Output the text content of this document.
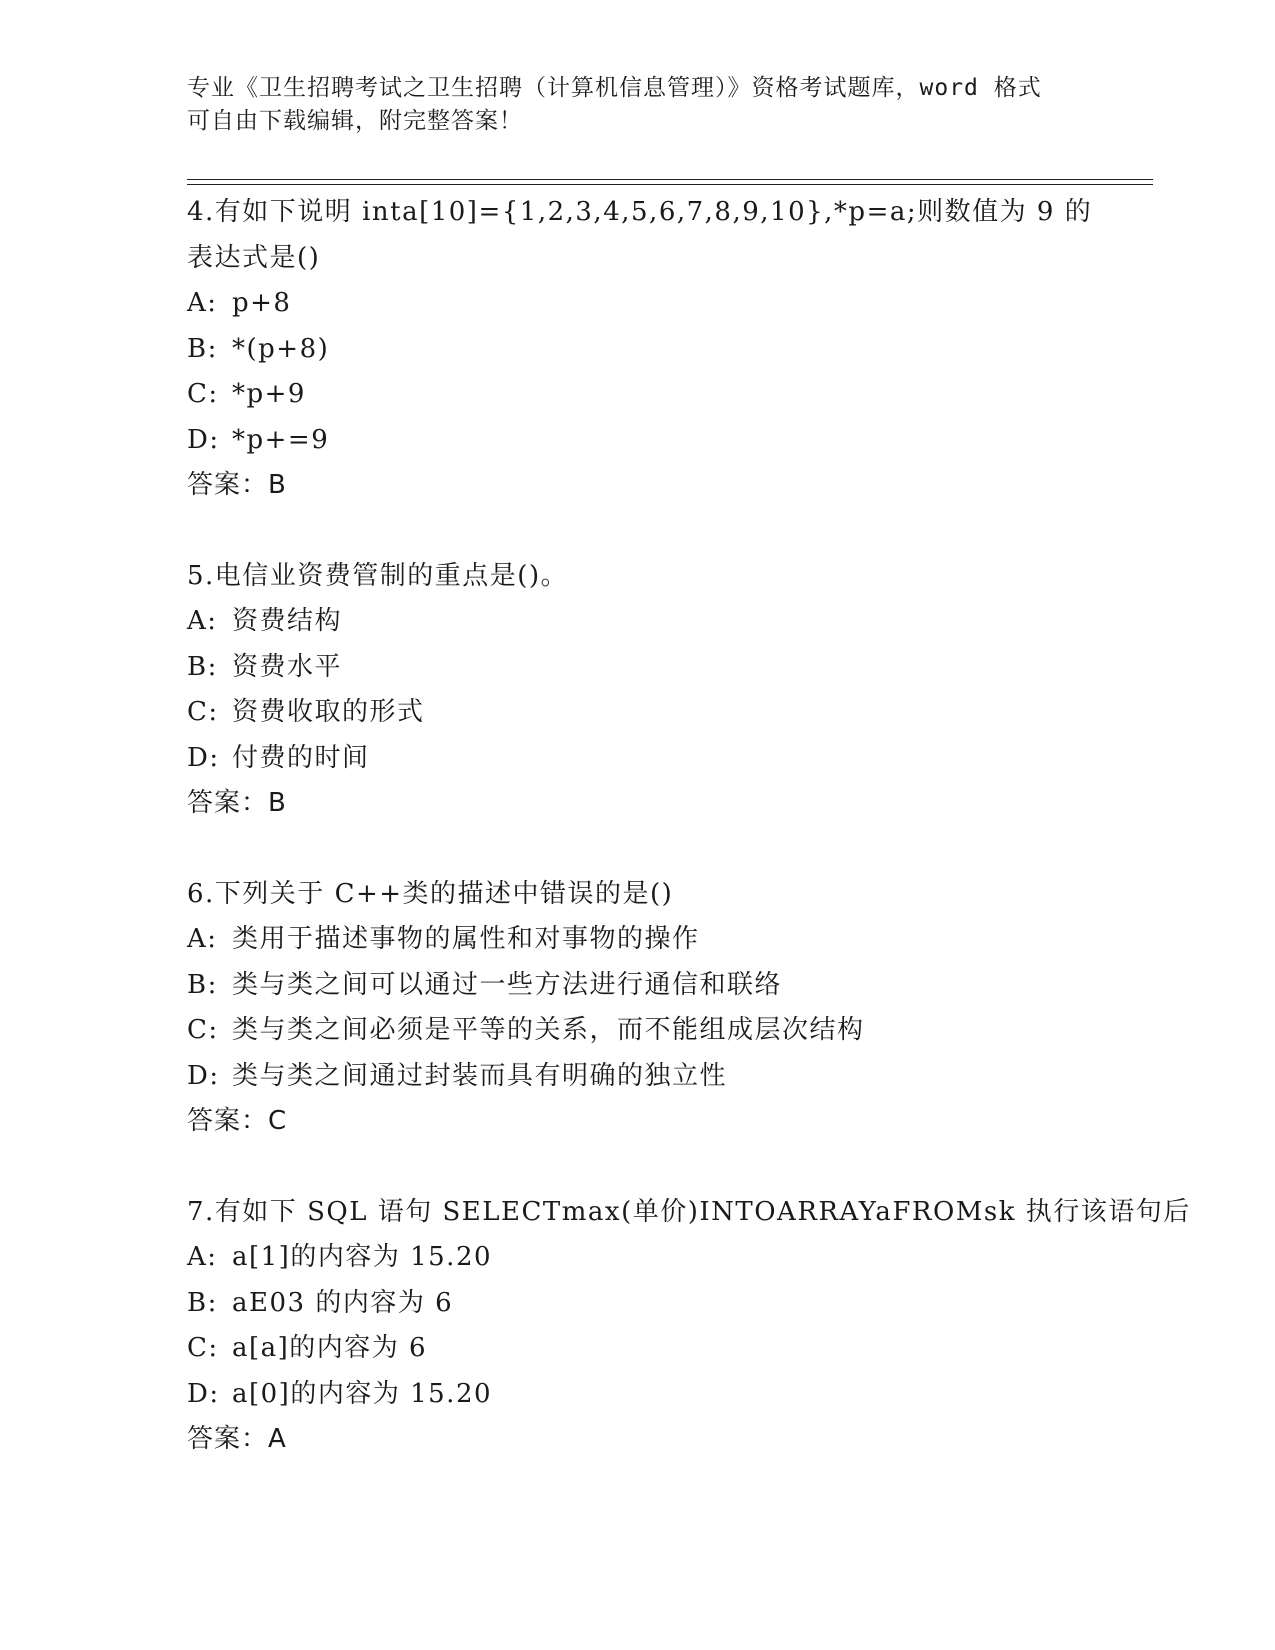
专业《卫生招聘考试之卫生招聘（计算机信息管理）》资格考试题库，word 格式
可自由下载编辑，附完整答案！
4.有如下说明 inta[10]={1,2,3,4,5,6,7,8,9,10},*p=a;则数值为 9 的
表达式是()
A: p+8
B: *(p+8)
C: *p+9
D: *p+=9
答案：B
5.电信业资费管制的重点是()。
A: 资费结构
B: 资费水平
C: 资费收取的形式
D: 付费的时间
答案：B
6.下列关于 C++类的描述中错误的是()
A: 类用于描述事物的属性和对事物的操作
B: 类与类之间可以通过一些方法进行通信和联络
C: 类与类之间必须是平等的关系，而不能组成层次结构
D: 类与类之间通过封装而具有明确的独立性
答案：C
7.有如下 SQL 语句 SELECTmax(单价)INTOARRAYaFROMsk 执行该语句后
A: a[1]的内容为 15.20
B: aE03 的内容为 6
C: a[a]的内容为 6
D: a[0]的内容为 15.20
答案：A
